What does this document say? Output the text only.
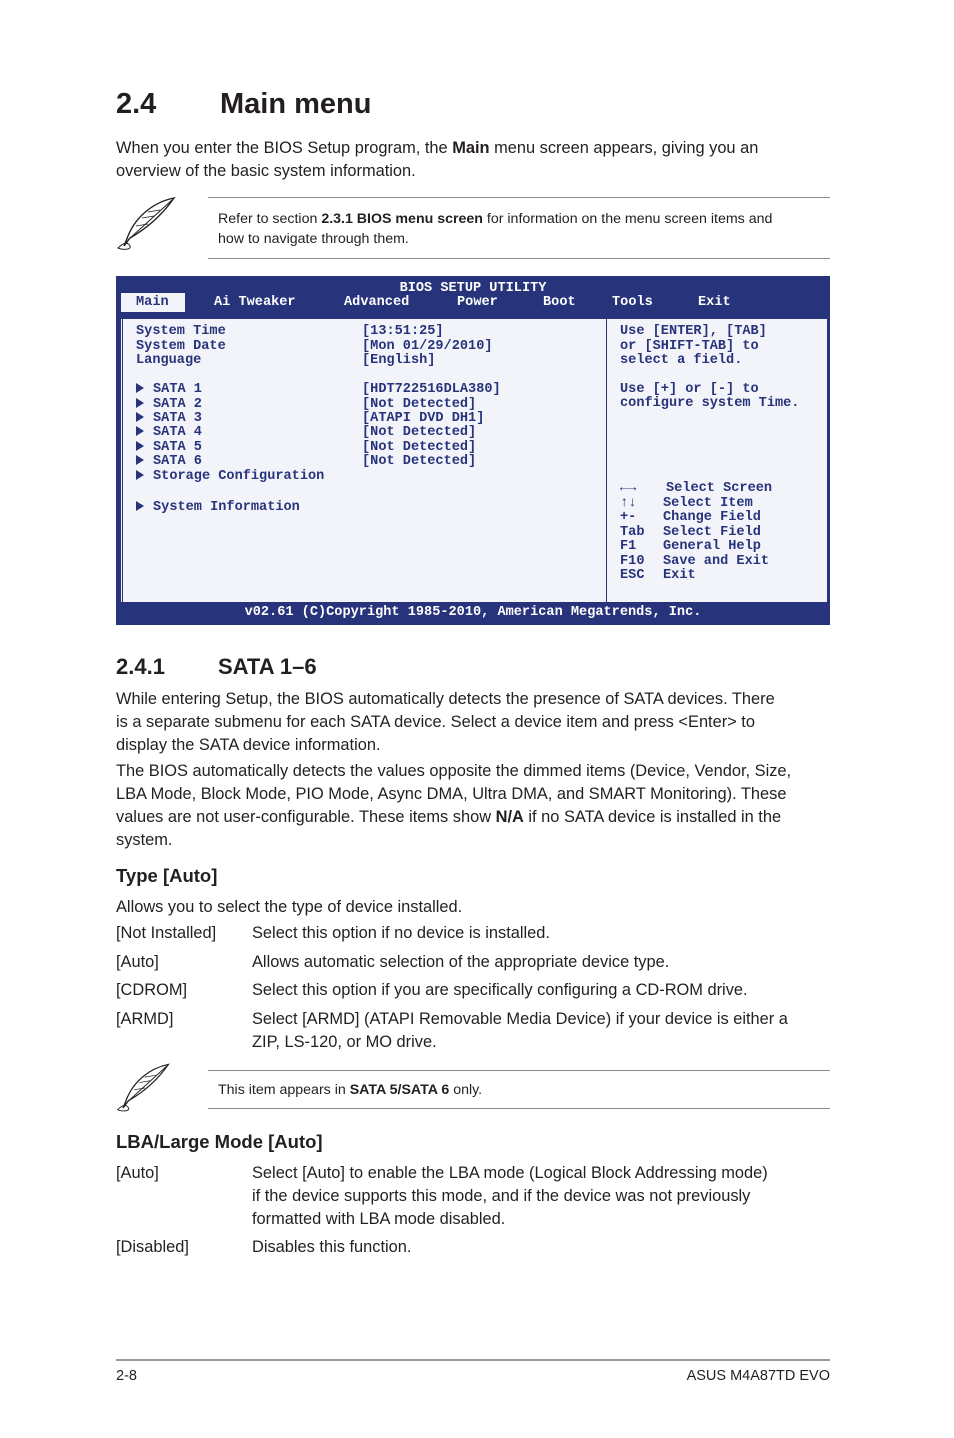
2.4 Main menu
When you enter the BIOS Setup program, the Main menu screen appears, giving you an
overview of the basic system information.
Refer to section 2.3.1 BIOS menu screen for information on the menu screen items and
how to navigate through them.
BIOS SETUP UTILITY
Main	Ai Tweaker	Advanced	Power	Boot	Tools	Exit
System Time	[13:51:25]
System Date	[Mon 01/29/2010]
Language	[English]
SATA 1	[HDT722516DLA380]
SATA 2	[Not Detected]
SATA 3	[ATAPI DVD DH1]
SATA 4	[Not Detected]
SATA 5	[Not Detected]
SATA 6	[Not Detected]
Storage Configuration
System Information
Use [ENTER], [TAB]
or [SHIFT-TAB] to
select a field.
Use [+] or [-] to
configure system Time.
←→ Select Screen
↑↓ Select Item
+- Change Field
Tab Select Field
F1 General Help
F10 Save and Exit
ESC Exit
v02.61 (C)Copyright 1985-2010, American Megatrends, Inc.
2.4.1 SATA 1–6
While entering Setup, the BIOS automatically detects the presence of SATA devices. There
is a separate submenu for each SATA device. Select a device item and press <Enter> to
display the SATA device information.
The BIOS automatically detects the values opposite the dimmed items (Device, Vendor, Size,
LBA Mode, Block Mode, PIO Mode, Async DMA, Ultra DMA, and SMART Monitoring). These
values are not user-configurable. These items show N/A if no SATA device is installed in the
system.
Type [Auto]
Allows you to select the type of device installed.
[Not Installed] Select this option if no device is installed.
[Auto]	Allows automatic selection of the appropriate device type.
[CDROM]	Select this option if you are specifically configuring a CD-ROM drive.
[ARMD]	Select [ARMD] (ATAPI Removable Media Device) if your device is either a
ZIP, LS-120, or MO drive.
This item appears in SATA 5/SATA 6 only.
LBA/Large Mode [Auto]
[Auto]	Select [Auto] to enable the LBA mode (Logical Block Addressing mode)
if the device supports this mode, and if the device was not previously
formatted with LBA mode disabled.
[Disabled]	Disables this function.
2-8	ASUS M4A87TD EVO
